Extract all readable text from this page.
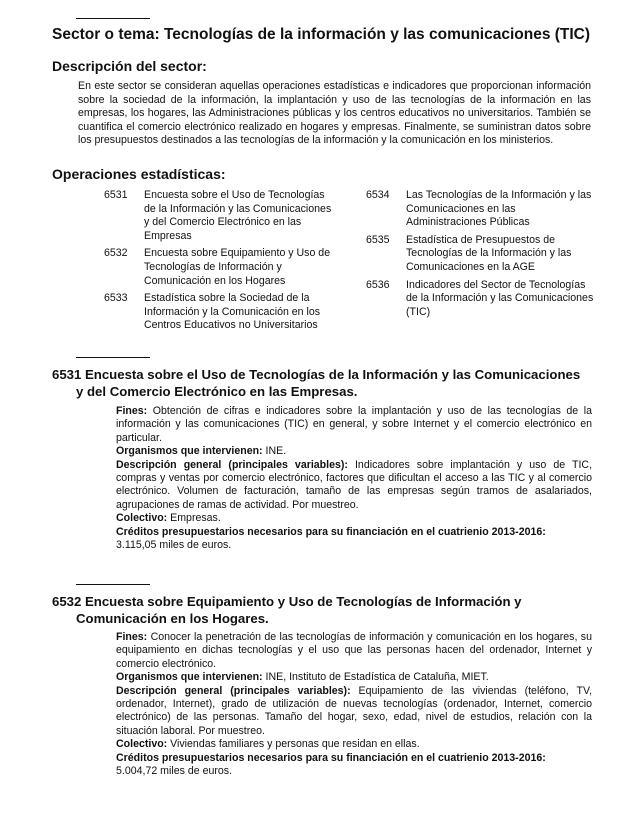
Sector o tema: Tecnologías de la información y las comunicaciones (TIC)
Descripción del sector:
En este sector se consideran aquellas operaciones estadísticas e indicadores que proporcionan información sobre la sociedad de la información, la implantación y uso de las tecnologías de la información en las empresas, los hogares, las Administraciones públicas y los centros educativos no universitarios. También se cuantifica el comercio electrónico realizado en hogares y empresas. Finalmente, se suministran datos sobre los presupuestos destinados a las tecnologías de la información y la comunicación en los ministerios.
Operaciones estadísticas:
6531	Encuesta sobre el Uso de Tecnologías de la Información y las Comunicaciones y del Comercio Electrónico en las Empresas
6532	Encuesta sobre Equipamiento y Uso de Tecnologías de Información y Comunicación en los Hogares
6533	Estadística sobre la Sociedad de la Información y la Comunicación en los Centros Educativos no Universitarios
6534	Las Tecnologías de la Información y las Comunicaciones en las Administraciones Públicas
6535	Estadística de Presupuestos de Tecnologías de la Información y las Comunicaciones en la AGE
6536	Indicadores del Sector de Tecnologías de la Información y las Comunicaciones (TIC)
6531 Encuesta sobre el Uso de Tecnologías de la Información y las Comunicaciones
y del Comercio Electrónico en las Empresas.

Fines: Obtención de cifras e indicadores sobre la implantación y uso de las tecnologías de la información y las comunicaciones (TIC) en general, y sobre Internet y el comercio electrónico en particular.

Organismos que intervienen: INE.

Descripción general (principales variables): Indicadores sobre implantación y uso de TIC, compras y ventas por comercio electrónico, factores que dificultan el acceso a las TIC y al comercio electrónico. Volumen de facturación, tamaño de las empresas según tramos de asalariados, agrupaciones de ramas de actividad. Por muestreo.

Colectivo: Empresas.

Créditos presupuestarios necesarios para su financiación en el cuatrienio 2013-2016:

3.115,05 miles de euros.

6532 Encuesta sobre Equipamiento y Uso de Tecnologías de Información y
Comunicación en los Hogares.

Fines: Conocer la penetración de las tecnologías de información y comunicación en los hogares, su equipamiento en dichas tecnologías y el uso que las personas hacen del ordenador, Internet y comercio electrónico.

Organismos que intervienen: INE, Instituto de Estadística de Cataluña, MIET.

Descripción general (principales variables): Equipamiento de las viviendas (teléfono, TV, ordenador, Internet), grado de utilización de nuevas tecnologías (ordenador, Internet, comercio electrónico) de las personas. Tamaño del hogar, sexo, edad, nivel de estudios, relación con la situación laboral. Por muestreo.

Colectivo: Viviendas familiares y personas que residan en ellas.

Créditos presupuestarios necesarios para su financiación en el cuatrienio 2013-2016:

5.004,72 miles de euros.
